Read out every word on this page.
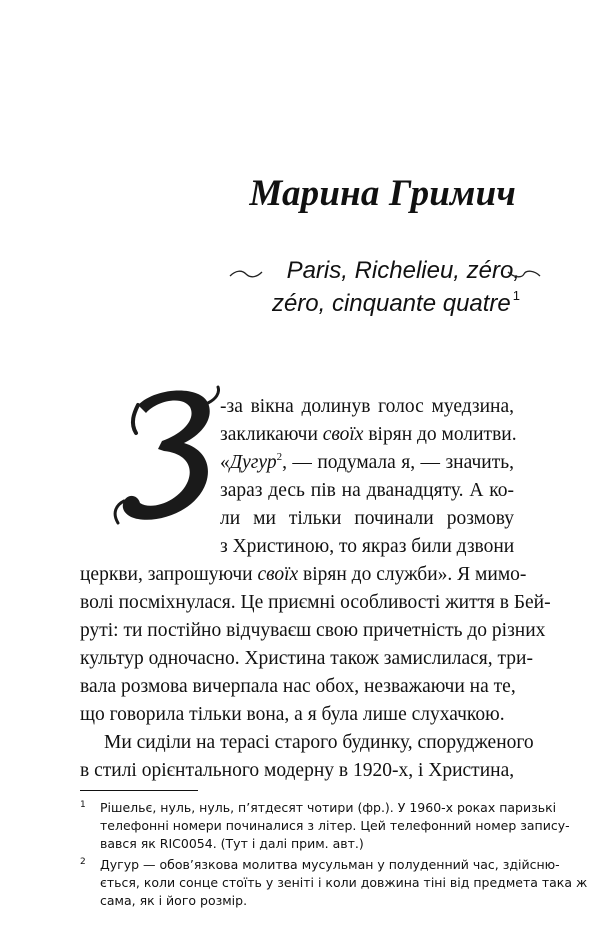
Марина Гримич
Paris, Richelieu, zéro,
zéro, cinquante quatre $^1$
-за вікна долинув голос муедзина,
закликаючи своїх вірян до молитви.
«Дугур$^2$, — подумала я, — значить,
зараз десь пів на дванадцяту. А ко-
ли ми тільки починали розмову
з Христиною, то якраз били дзвони
церкви, запрошуючи своїх вірян до служби». Я мимо-
волі посміхнулася. Це приємні особливості життя в Бей-
руті: ти постійно відчуваєш свою причетність до різних
культур одночасно. Христина також замислилася, три-
вала розмова вичерпала нас обох, незважаючи на те,
що говорила тільки вона, а я була лише слухачкою.
Ми сиділи на терасі старого будинку, спорудженого
в стилі орієнтального модерну в 1920-х, і Христина,
1 Рішельє, нуль, нуль, п’ятдесят чотири (фр.). У 1960-х роках паризькі
телефонні номери починалися з літер. Цей телефонний номер запису-
вався як RIC0054. (Тут і далі прим. авт.)
2 Дугур — обов’язкова молитва мусульман у полуденний час, здійсню-
ється, коли сонце стоїть у зеніті і коли довжина тіні від предмета така ж
сама, як і його розмір.
